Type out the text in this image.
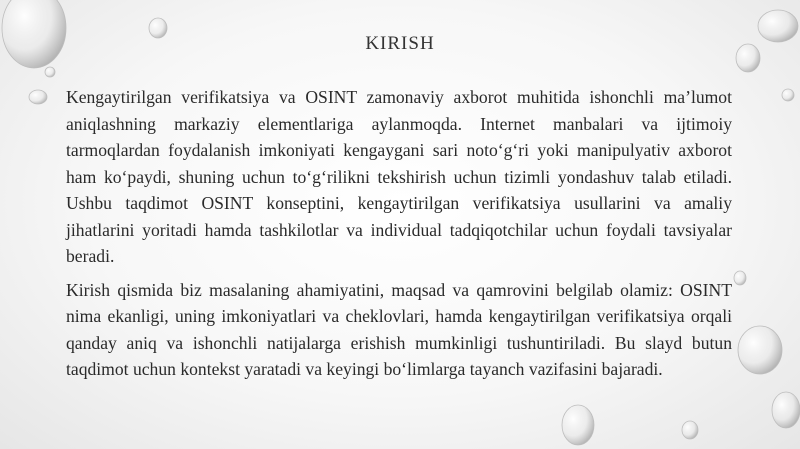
KIRISH

Kengaytirilgan verifikatsiya va OSINT zamonaviy axborot muhitida ishonchli ma’lumot aniqlashning markaziy elementlariga aylanmoqda. Internet manbalari va ijtimoiy tarmoqlardan foydalanish imkoniyati kengaygani sari noto‘g‘ri yoki manipulyativ axborot ham ko‘paydi, shuning uchun to‘g‘rilikni tekshirish uchun tizimli yondashuv talab etiladi. Ushbu taqdimot OSINT konseptini, kengaytirilgan verifikatsiya usullarini va amaliy jihatlarini yoritadi hamda tashkilotlar va individual tadqiqotchilar uchun foydali tavsiyalar beradi.

Kirish qismida biz masalaning ahamiyatini, maqsad va qamrovini belgilab olamiz: OSINT nima ekanligi, uning imkoniyatlari va cheklovlari, hamda kengaytirilgan verifikatsiya orqali qanday aniq va ishonchli natijalarga erishish mumkinligi tushuntiriladi. Bu slayd butun taqdimot uchun kontekst yaratadi va keyingi bo‘limlarga tayanch vazifasini bajaradi.
